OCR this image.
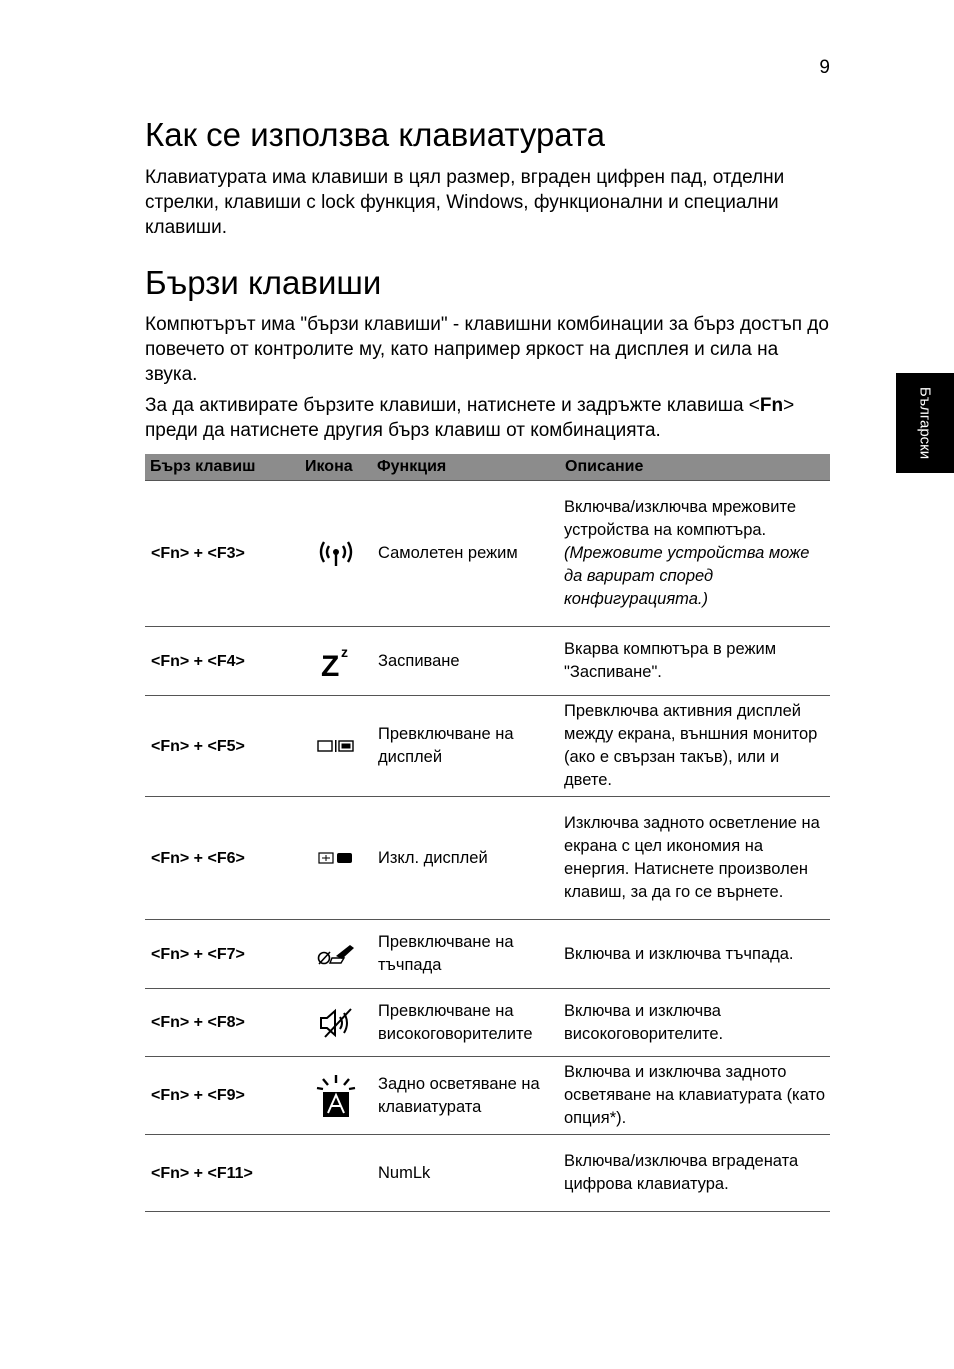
9
Български
Как се използва клавиатурата

Клавиатурата има клавиши в цял размер, вграден цифрен пад, отделни стрелки, клавиши с lock функция, Windows, функционални и специални клавиши.

Бързи клавиши

Компютърът има "бързи клавиши" - клавишни комбинации за бърз достъп до повечето от контролите му, като например яркост на дисплея и сила на звука.

За да активирате бързите клавиши, натиснете и задръжте клавиша <Fn> преди да натиснете другия бърз клавиш от комбинацията.

Бърз клавиш	Икона	Функция	Описание
<Fn> + <F3>		Самолетен режим	Включва/изключва мрежовите устройства на компютъра.
(Мрежовите устройства може да варират според конфигурацията.)

<Fn> + <F4>	Z z	Заспиване	Вкарва компютъра в режим "Заспиване".
<Fn> + <F5>		Превключване на дисплей	Превключва активния дисплей между екрана, външния монитор (ако е свързан такъв), или и двете.
<Fn> + <F6>		Изкл. дисплей	Изключва задното осветление на екрана с цел икономия на енергия. Натиснете произволен клавиш, за да го се върнете.
<Fn> + <F7>		Превключване на тъчпада	Включва и изключва тъчпада.
<Fn> + <F8>		Превключване на високоговорителите	Включва и изключва високоговорителите.
<Fn> + <F9>		Задно осветяване на клавиатурата	Включва и изключва задното осветяване на клавиатурата (като опция*).
<Fn> + <F11>		NumLk	Включва/изключва вградената цифрова клавиатура.
